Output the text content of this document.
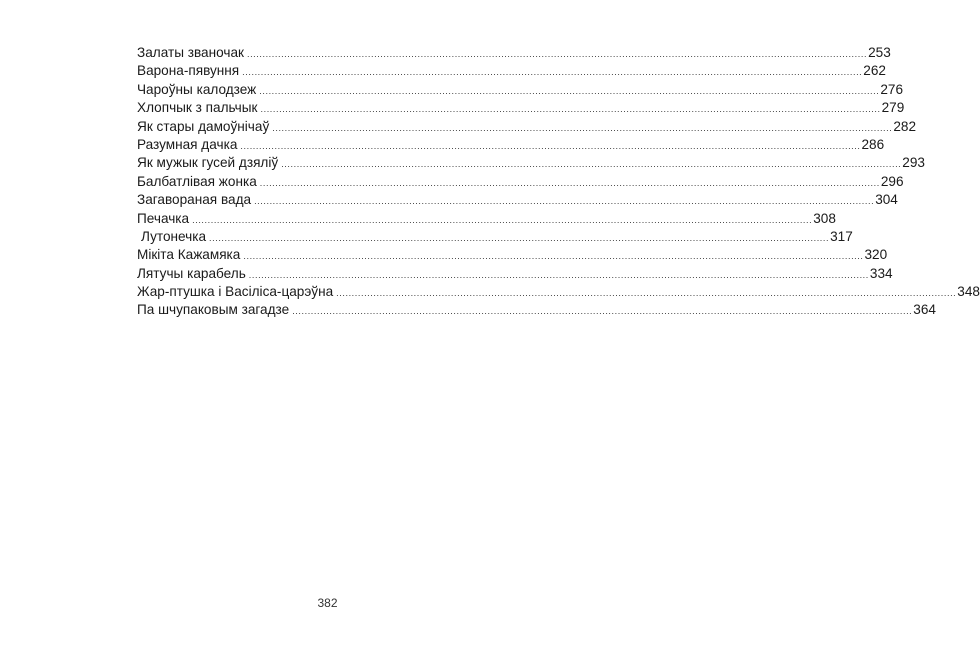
Залаты званочак ........................................................................................................................................................................................................ 253
Варона-пявуння ........................................................................................................................................................................................................ 262
Чароўны калодзеж ........................................................................................................................................................................................................ 276
Хлопчык з пальчык ........................................................................................................................................................................................................ 279
Як стары дамоўнічаў ........................................................................................................................................................................................................ 282
Разумная дачка ........................................................................................................................................................................................................ 286
Як мужык гусей дзяліў ........................................................................................................................................................................................................ 293
Балбатлівая жонка ........................................................................................................................................................................................................ 296
Загавораная вада ........................................................................................................................................................................................................ 304
Печачка ........................................................................................................................................................................................................ 308
Лутонечка ........................................................................................................................................................................................................ 317
Мікіта Кажамяка ........................................................................................................................................................................................................ 320
Лятучы карабель ........................................................................................................................................................................................................ 334
Жар-птушка і Васіліса-царэўна ........................................................................................................................................................................................................ 348
Па шчупаковым загадзе ........................................................................................................................................................................................................ 364
382
